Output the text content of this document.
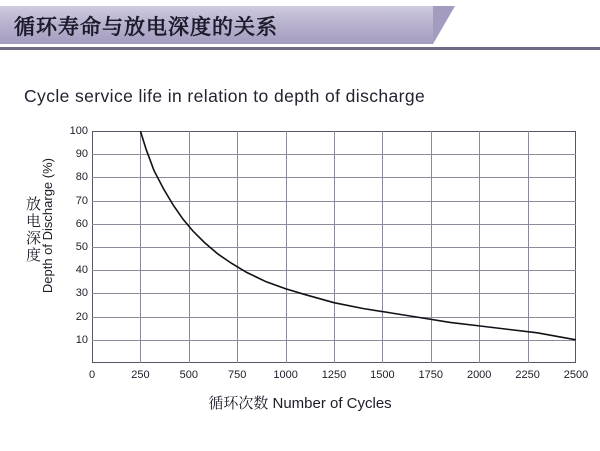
循环寿命与放电深度的关系
Cycle service life in relation to depth of discharge
10
20
30
40
50
60
70
80
90
100
0	250	500	750 1000 1250 1500 1750 2000 2250 2500
放电深度 Depth of Discharge (%)
循环次数 Number of Cycles
